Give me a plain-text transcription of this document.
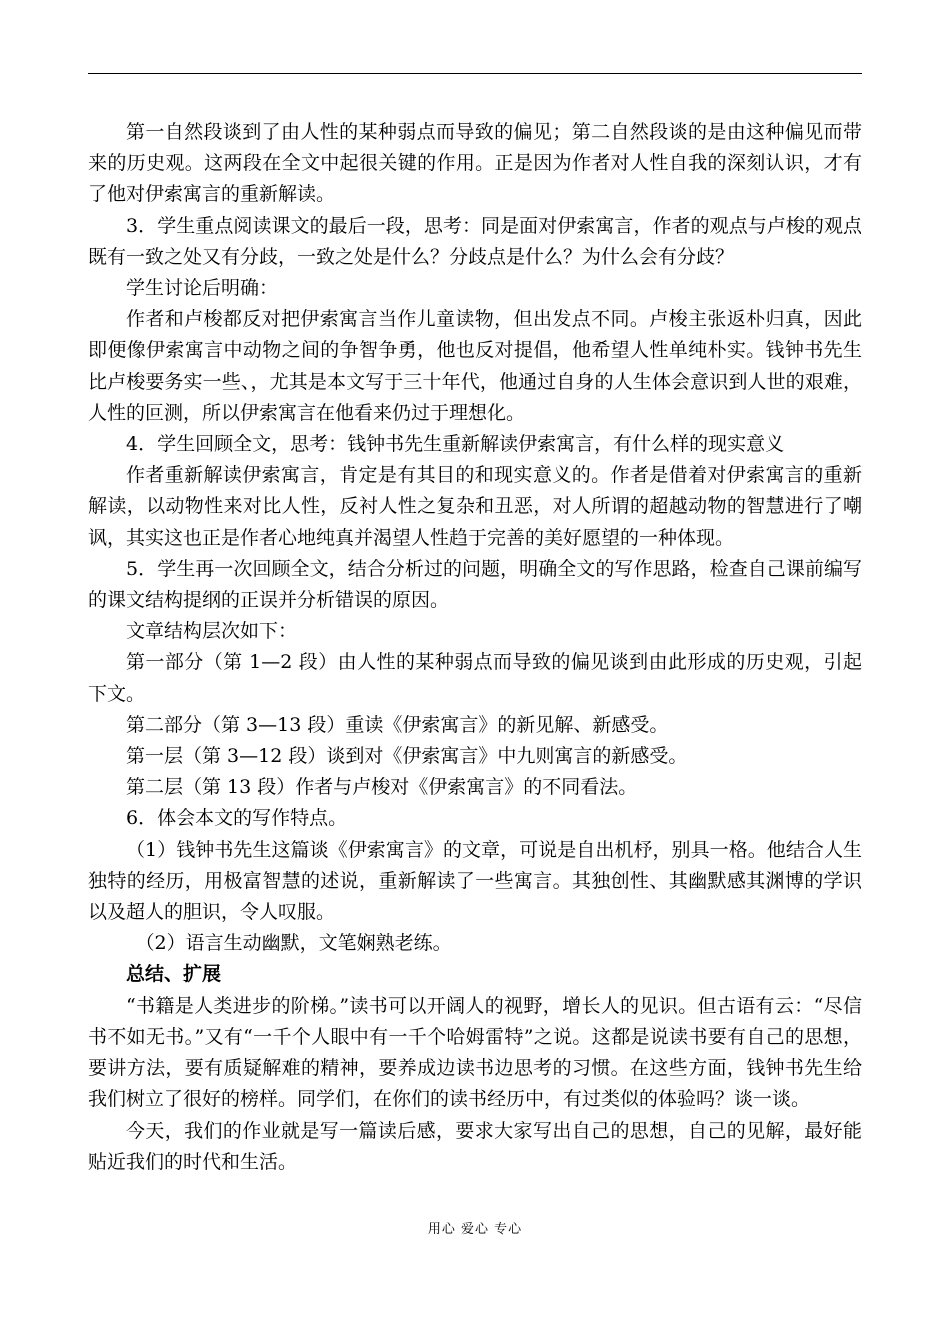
第一自然段谈到了由人性的某种弱点而导致的偏见；第二自然段谈的是由这种偏见而带来的历史观。这两段在全文中起很关键的作用。正是因为作者对人性自我的深刻认识，才有了他对伊索寓言的重新解读。

3．学生重点阅读课文的最后一段，思考：同是面对伊索寓言，作者的观点与卢梭的观点既有一致之处又有分歧，一致之处是什么？分歧点是什么？为什么会有分歧？

学生讨论后明确：

作者和卢梭都反对把伊索寓言当作儿童读物，但出发点不同。卢梭主张返朴归真，因此即便像伊索寓言中动物之间的争智争勇，他也反对提倡，他希望人性单纯朴实。钱钟书先生比卢梭要务实一些、，尤其是本文写于三十年代，他通过自身的人生体会意识到人世的艰难，人性的叵测，所以伊索寓言在他看来仍过于理想化。

4．学生回顾全文，思考：钱钟书先生重新解读伊索寓言，有什么样的现实意义

作者重新解读伊索寓言，肯定是有其目的和现实意义的。作者是借着对伊索寓言的重新解读，以动物性来对比人性，反衬人性之复杂和丑恶，对人所谓的超越动物的智慧进行了嘲讽，其实这也正是作者心地纯真并渴望人性趋于完善的美好愿望的一种体现。

5．学生再一次回顾全文，结合分析过的问题，明确全文的写作思路，检查自己课前编写的课文结构提纲的正误并分析错误的原因。

文章结构层次如下：

第一部分（第 1—2 段）由人性的某种弱点而导致的偏见谈到由此形成的历史观，引起下文。

第二部分（第 3—13 段）重读《伊索寓言》的新见解、新感受。

第一层（第 3—12 段）谈到对《伊索寓言》中九则寓言的新感受。

第二层（第 13 段）作者与卢梭对《伊索寓言》的不同看法。

6．体会本文的写作特点。

（1）钱钟书先生这篇谈《伊索寓言》的文章，可说是自出机杼，别具一格。他结合人生独特的经历，用极富智慧的述说，重新解读了一些寓言。其独创性、其幽默感其渊博的学识以及超人的胆识，令人叹服。

（2）语言生动幽默，文笔娴熟老练。

总结、扩展

“书籍是人类进步的阶梯。”读书可以开阔人的视野，增长人的见识。但古语有云：“尽信书不如无书。”又有“一千个人眼中有一千个哈姆雷特”之说。这都是说读书要有自己的思想，要讲方法，要有质疑解难的精神，要养成边读书边思考的习惯。在这些方面，钱钟书先生给我们树立了很好的榜样。同学们，在你们的读书经历中，有过类似的体验吗？谈一谈。

今天，我们的作业就是写一篇读后感，要求大家写出自己的思想，自己的见解，最好能贴近我们的时代和生活。

用心 爱心 专心
